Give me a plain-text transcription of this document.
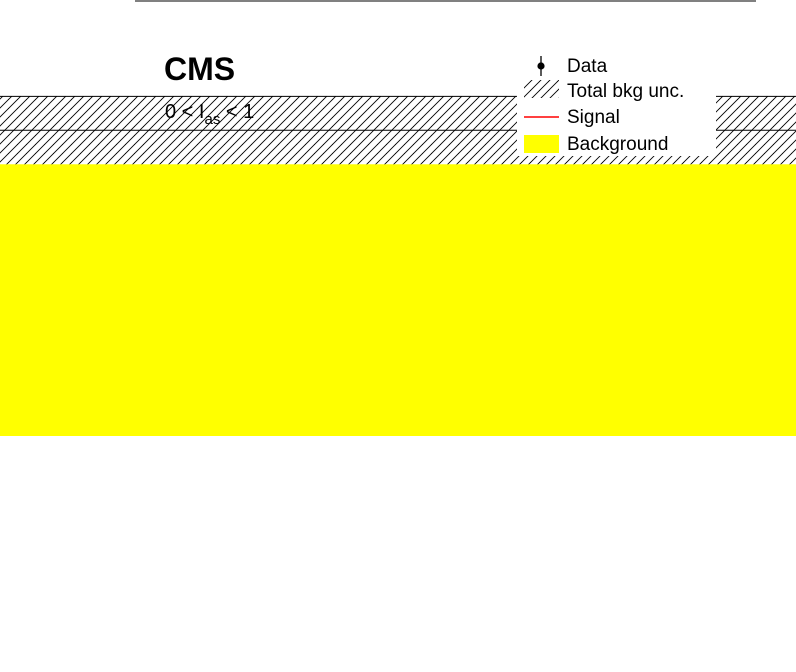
CMS
$0 < I_{as} < 1$
Data
Total bkg unc.
Signal
Background
